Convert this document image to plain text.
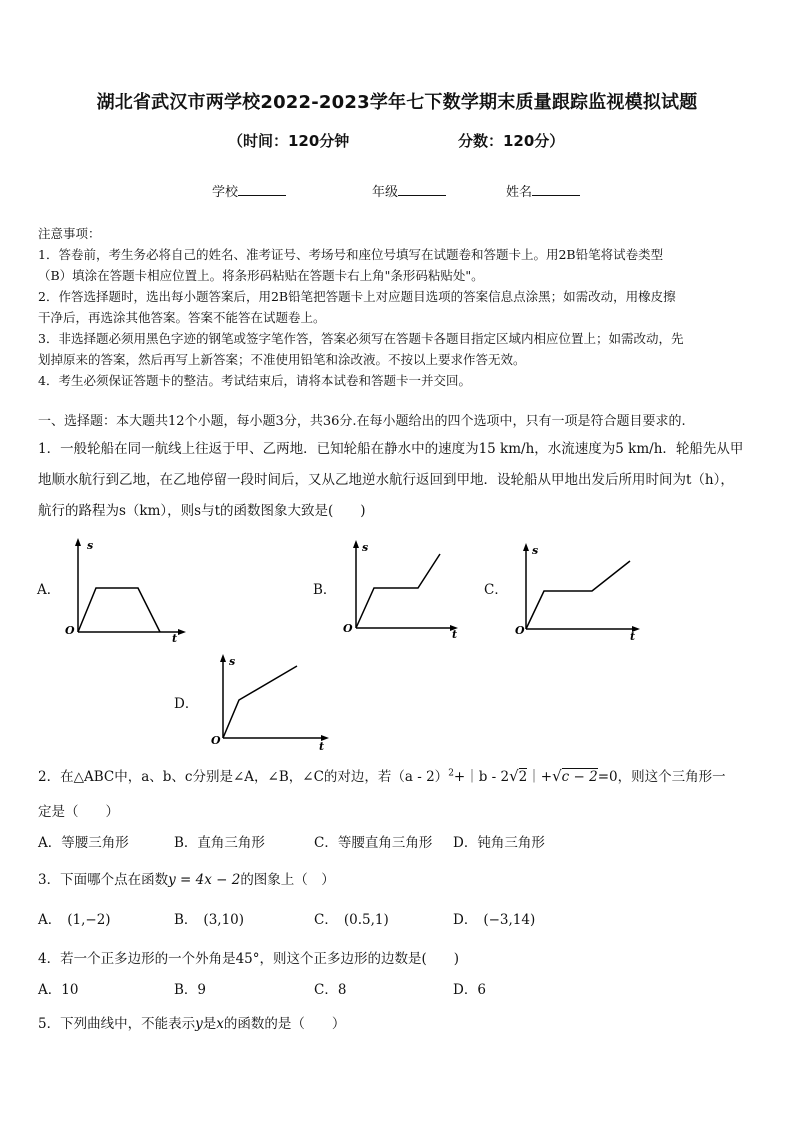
湖北省武汉市两学校2022-2023学年七下数学期末质量跟踪监视模拟试题
（时间：120分钟	分数：120分）
学校	年级	姓名
注意事项：
1．答卷前，考生务必将自己的姓名、准考证号、考场号和座位号填写在试题卷和答题卡上。用2B铅笔将试卷类型
（B）填涂在答题卡相应位置上。将条形码粘贴在答题卡右上角"条形码粘贴处"。
2．作答选择题时，选出每小题答案后，用2B铅笔把答题卡上对应题目选项的答案信息点涂黑；如需改动，用橡皮擦
干净后，再选涂其他答案。答案不能答在试题卷上。
3．非选择题必须用黑色字迹的钢笔或签字笔作答，答案必须写在答题卡各题目指定区域内相应位置上；如需改动，先
划掉原来的答案，然后再写上新答案；不准使用铅笔和涂改液。不按以上要求作答无效。
4．考生必须保证答题卡的整洁。考试结束后，请将本试卷和答题卡一并交回。
一、选择题：本大题共12个小题，每小题3分，共36分.在每小题给出的四个选项中，只有一项是符合题目要求的.
1．一般轮船在同一航线上往返于甲、乙两地．已知轮船在静水中的速度为15 km/h，水流速度为5 km/h．轮船先从甲
地顺水航行到乙地，在乙地停留一段时间后，又从乙地逆水航行返回到甲地．设轮船从甲地出发后所用时间为t（h），
航行的路程为s（km），则s与t的函数图象大致是(　　)
A．
s
t
O
B．
s
t
O
C．
s
t
O
D．
s
t
O
2．在△ABC中，a、b、c分别是∠A，∠B，∠C的对边，若（a - 2）$^2$+｜b - 2√2｜+√c − 2=0，则这个三角形一
定是（　　）
A．等腰三角形	B．直角三角形	C．等腰直角三角形 D．钝角三角形
3．下面哪个点在函数y = 4x − 2的图象上（　）
A． (1,−2)	B． (3,10)	C． (0.5,1)	D． (−3,14)
4．若一个正多边形的一个外角是45°，则这个正多边形的边数是(　　)
A．10	B．9	C．8	D．6
5．下列曲线中，不能表示y是x的函数的是（　　）
